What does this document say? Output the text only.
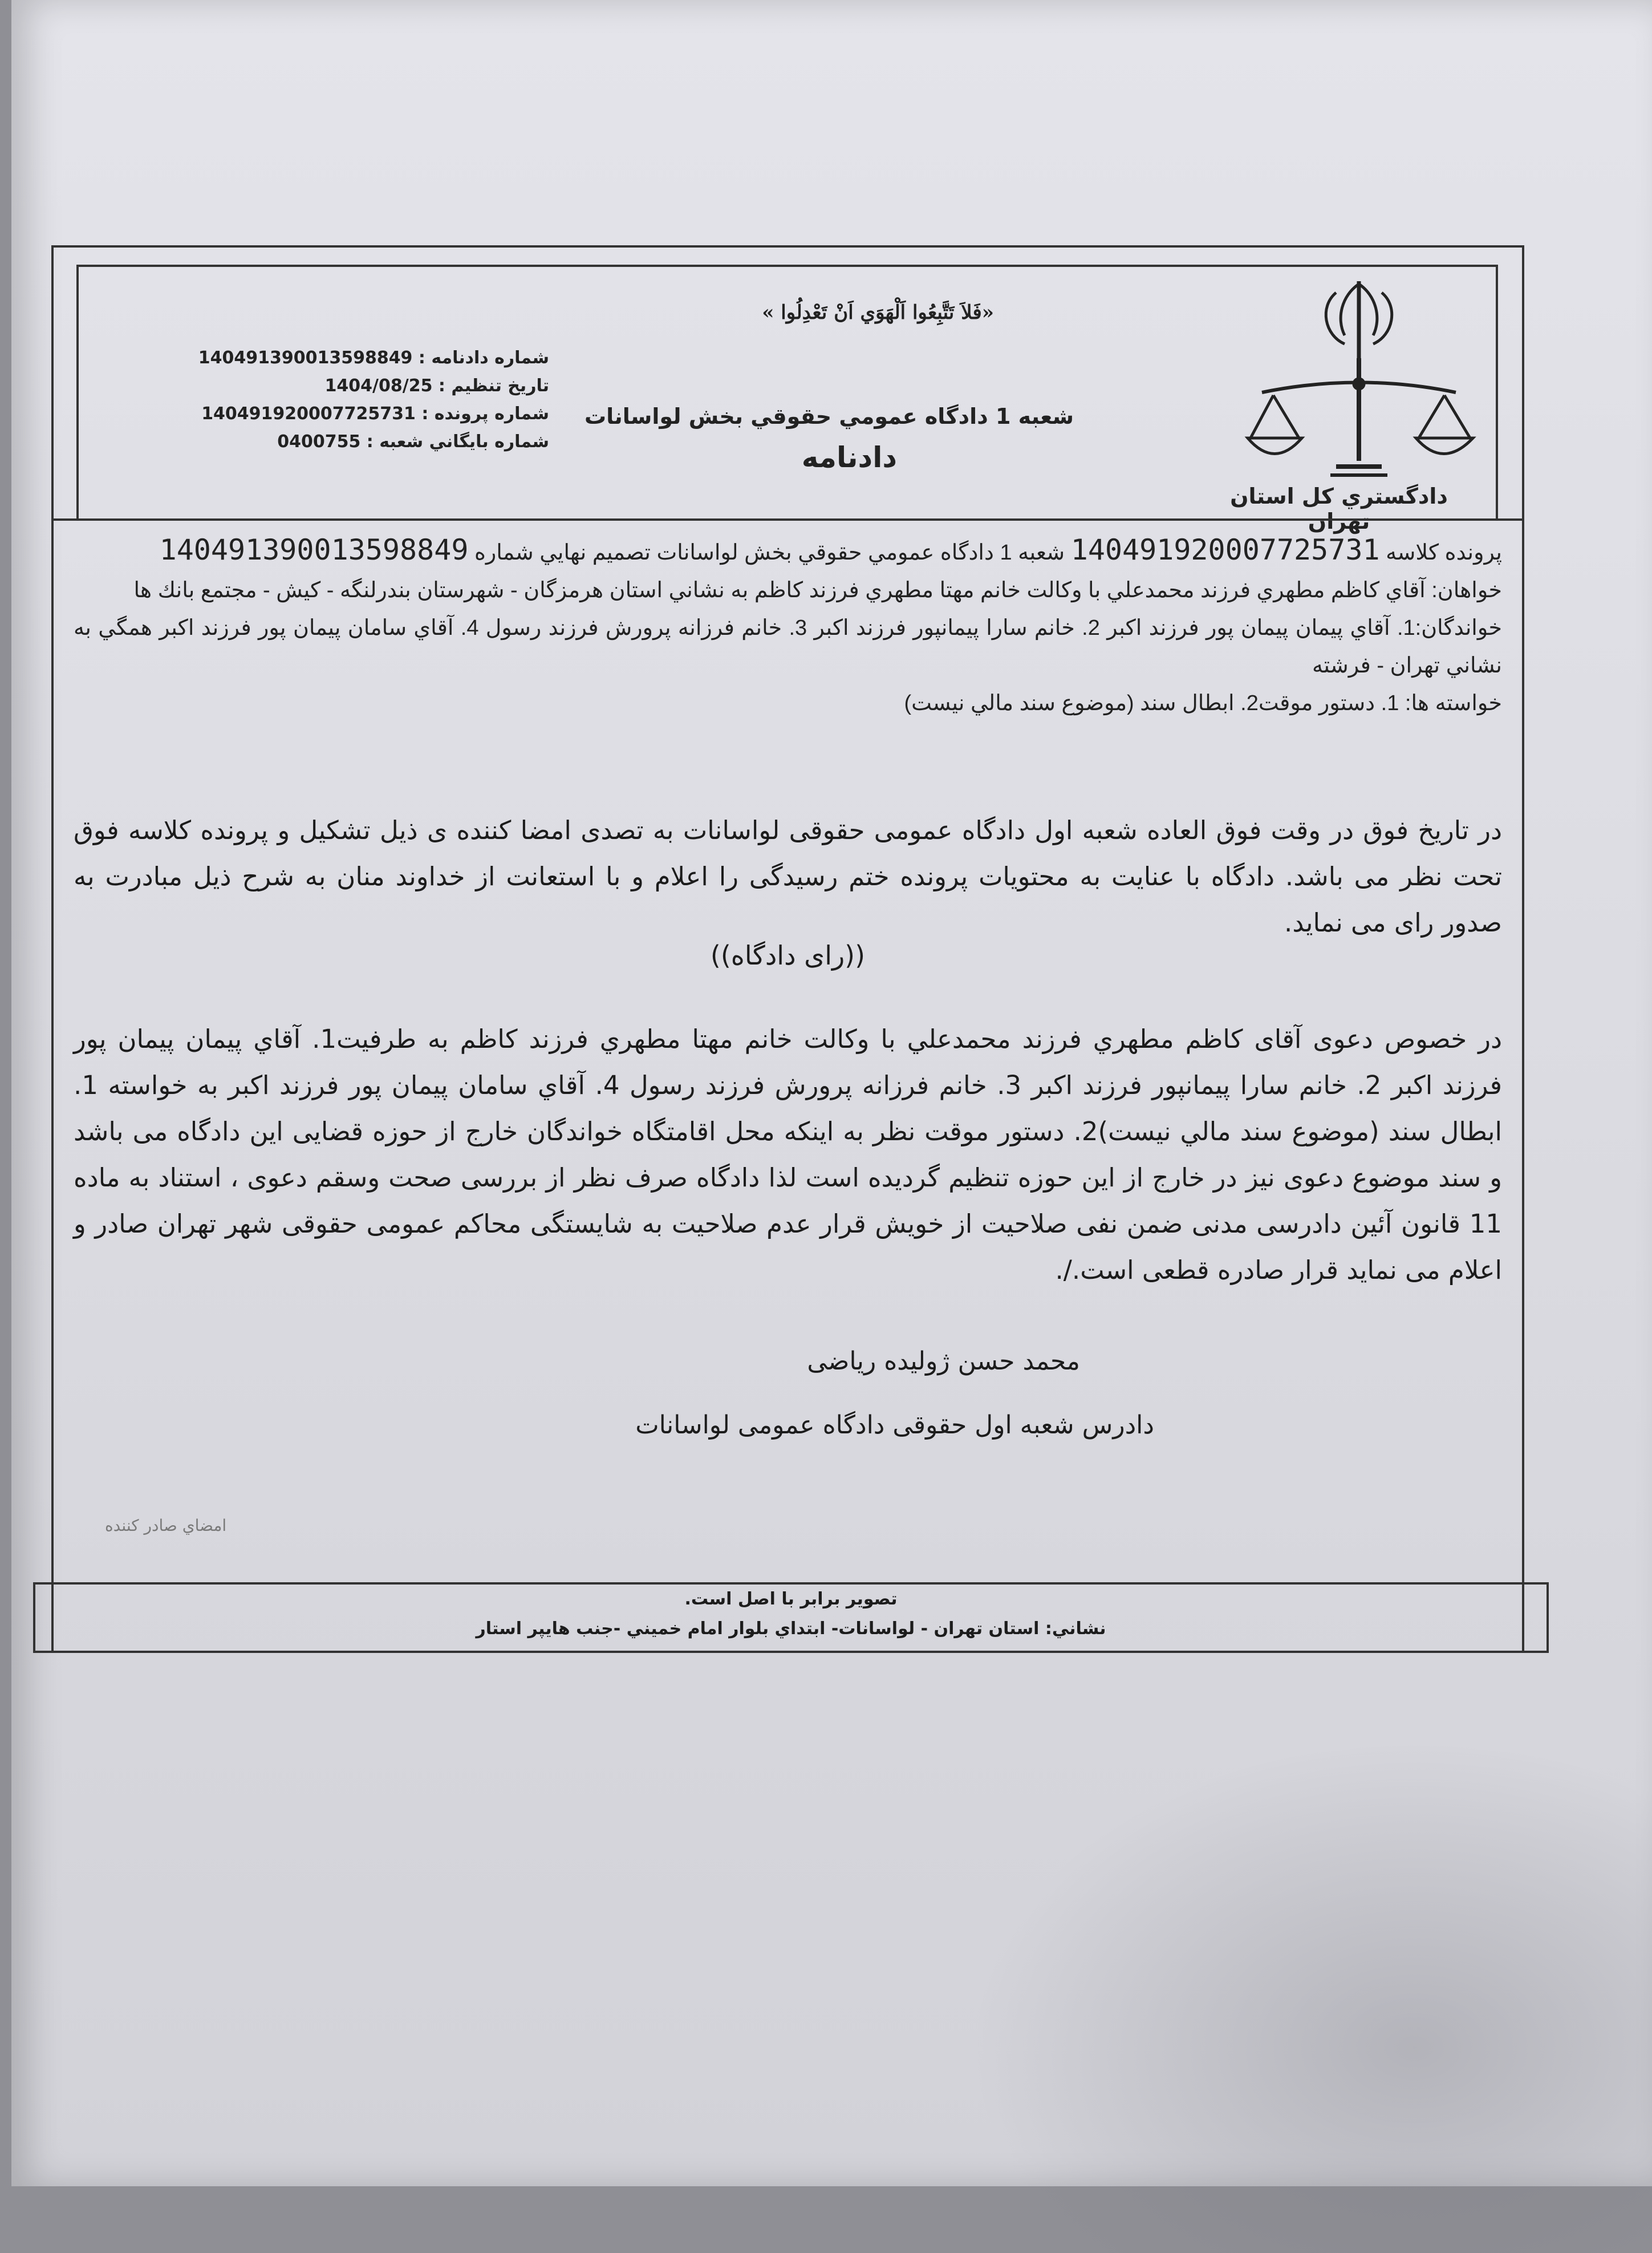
دادگستري كل استان تهران
«فَلاَ تَتَّبِعُوا اَلْهَوَي اَنْ تَعْدِلُوا »
شعبه 1 دادگاه عمومي حقوقي بخش لواسانات
دادنامه
شماره دادنامه : 140491390013598849
تاريخ تنظيم : 1404/08/25
شماره پرونده : 140491920007725731
شماره بايگاني شعبه : 0400755
پرونده كلاسه 140491920007725731 شعبه 1 دادگاه عمومي حقوقي بخش لواسانات تصميم نهايي شماره 140491390013598849
خواهان: آقاي كاظم مطهري فرزند محمدعلي با وكالت خانم مهتا مطهري فرزند كاظم به نشاني استان هرمزگان - شهرستان بندرلنگه - كيش - مجتمع بانك ها
خواندگان:1. آقاي پيمان پيمان پور فرزند اكبر 2. خانم سارا پيمانپور فرزند اكبر 3. خانم فرزانه پرورش فرزند رسول 4. آقاي سامان پيمان پور فرزند اكبر همگي به نشاني تهران - فرشته
خواسته ها: 1. دستور موقت2. ابطال سند (موضوع سند مالي نيست)
در تاریخ فوق در وقت فوق العاده شعبه اول دادگاه عمومی حقوقی لواسانات به تصدی امضا کننده ی ذیل تشکیل و پرونده کلاسه فوق تحت نظر می باشد. دادگاه با عنایت به محتویات پرونده ختم رسیدگی را اعلام و با استعانت از خداوند منان به شرح ذیل مبادرت به صدور رای می نماید.
((رای دادگاه))
در خصوص دعوی آقای کاظم مطهري فرزند محمدعلي با وكالت خانم مهتا مطهري فرزند كاظم به طرفیت1. آقاي پيمان پيمان پور فرزند اكبر 2. خانم سارا پيمانپور فرزند اكبر 3. خانم فرزانه پرورش فرزند رسول 4. آقاي سامان پيمان پور فرزند اكبر به خواسته 1. ابطال سند (موضوع سند مالي نيست)2. دستور موقت نظر به اینکه محل اقامتگاه خواندگان خارج از حوزه قضایی این دادگاه می باشد و سند موضوع دعوی نیز در خارج از این حوزه تنظیم گردیده است لذا دادگاه صرف نظر از بررسی صحت وسقم دعوی ، استناد به ماده 11 قانون آئین دادرسی مدنی ضمن نفی صلاحیت از خویش قرار عدم صلاحیت به شایستگی محاکم عمومی حقوقی شهر تهران صادر و اعلام می نماید قرار صادره قطعی است./.
محمد حسن ژولیده ریاضی
دادرس شعبه اول حقوقی دادگاه عمومی لواسانات
امضاي صادر كننده
تصوير برابر با اصل است.
نشاني: استان تهران - لواسانات- ابتداي بلوار امام خميني -جنب هايپر استار
